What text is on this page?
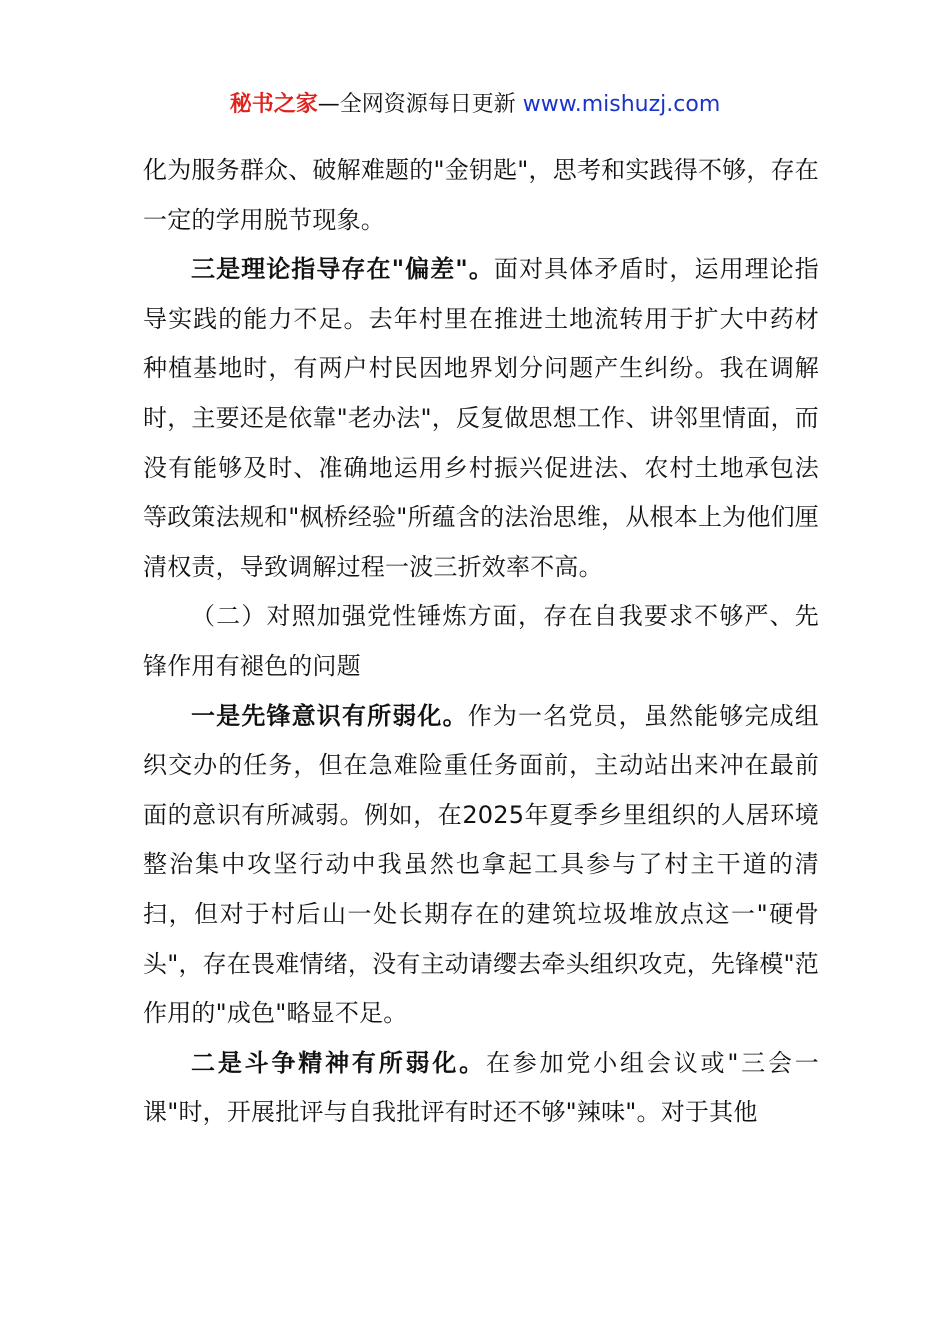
秘书之家—全网资源每日更新 www.mishuzj.com

化为服务群众、破解难题的"金钥匙"，思考和实践得不够，存在一定的学用脱节现象。

三是理论指导存在"偏差"。面对具体矛盾时，运用理论指导实践的能力不足。去年村里在推进土地流转用于扩大中药材种植基地时，有两户村民因地界划分问题产生纠纷。我在调解时，主要还是依靠"老办法"，反复做思想工作、讲邻里情面，而没有能够及时、准确地运用乡村振兴促进法、农村土地承包法等政策法规和"枫桥经验"所蕴含的法治思维，从根本上为他们厘清权责，导致调解过程一波三折效率不高。

（二）对照加强党性锤炼方面，存在自我要求不够严、先锋作用有褪色的问题

一是先锋意识有所弱化。作为一名党员，虽然能够完成组织交办的任务，但在急难险重任务面前，主动站出来冲在最前面的意识有所减弱。例如，在2025年夏季乡里组织的人居环境整治集中攻坚行动中我虽然也拿起工具参与了村主干道的清扫，但对于村后山一处长期存在的建筑垃圾堆放点这一"硬骨头"，存在畏难情绪，没有主动请缨去牵头组织攻克，先锋模"范作用的"成色"略显不足。

二是斗争精神有所弱化。在参加党小组会议或"三会一课"时，开展批评与自我批评有时还不够"辣味"。对于其他
